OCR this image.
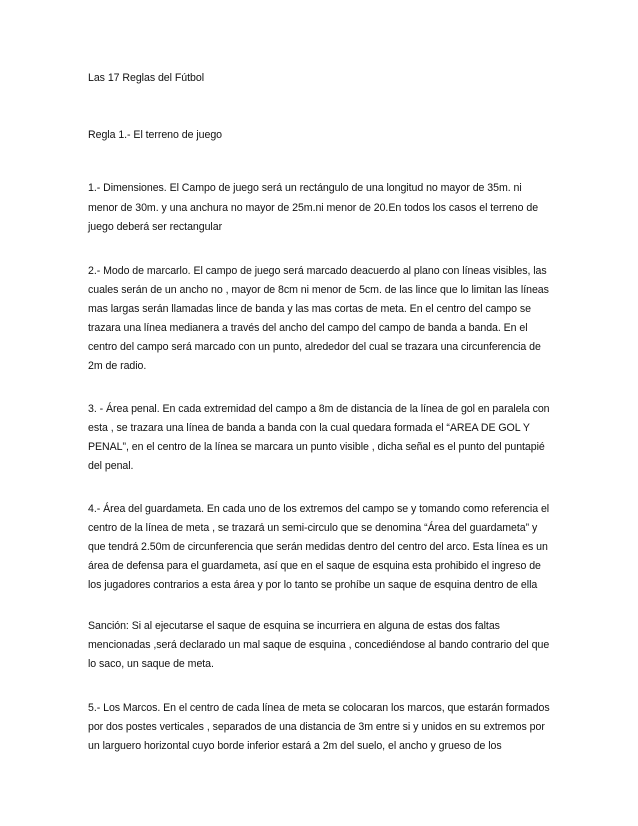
Las 17 Reglas del Fútbol
Regla 1.- El terreno de juego
1.- Dimensiones. El Campo de juego será un rectángulo de una longitud no mayor de 35m. ni
menor de 30m. y una anchura no mayor de 25m.ni menor de 20.En todos los casos el terreno de
juego deberá ser rectangular
2.- Modo de marcarlo. El campo de juego será marcado deacuerdo al plano con líneas visibles, las
cuales serán de un ancho no , mayor de 8cm ni menor de 5cm. de las lince que lo limitan las líneas
mas largas serán llamadas lince de banda y las mas cortas de meta. En el centro del campo se
trazara una línea medianera a través del ancho del campo del campo de banda a banda. En el
centro del campo será marcado con un punto, alrededor del cual se trazara una circunferencia de
2m de radio.
3. - Área penal. En cada extremidad del campo a 8m de distancia de la línea de gol en paralela con
esta , se trazara una línea de banda a banda con la cual quedara formada el “AREA DE GOL Y
PENAL”, en el centro de la línea se marcara un punto visible , dicha señal es el punto del puntapié
del penal.
4.- Área del guardameta. En cada uno de los extremos del campo se y tomando como referencia el
centro de la línea de meta , se trazará un semi-circulo que se denomina “Área del guardameta” y
que tendrá 2.50m de circunferencia que serán medidas dentro del centro del arco. Esta línea es un
área de defensa para el guardameta, así que en el saque de esquina esta prohibido el ingreso de
los jugadores contrarios a esta área y por lo tanto se prohíbe un saque de esquina dentro de ella
Sanción: Si al ejecutarse el saque de esquina se incurriera en alguna de estas dos faltas
mencionadas ,será declarado un mal saque de esquina , concediéndose al bando contrario del que
lo saco, un saque de meta.
5.- Los Marcos. En el centro de cada línea de meta se colocaran los marcos, que estarán formados
por dos postes verticales , separados de una distancia de 3m entre si y unidos en su extremos por
un larguero horizontal cuyo borde inferior estará a 2m del suelo, el ancho y grueso de los
